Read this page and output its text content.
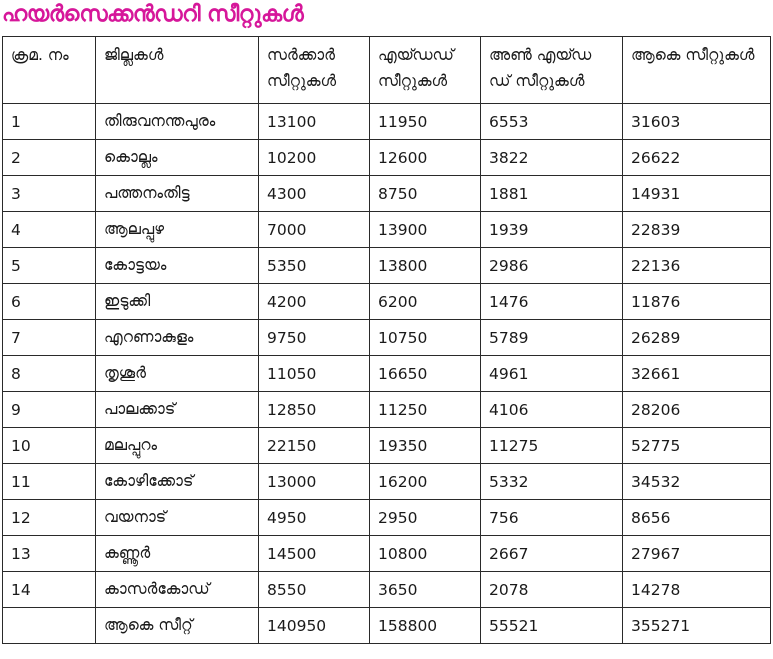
ഹയർസെക്കൻഡറി സീറ്റുകൾ
ക്രമ. നം	ജില്ലകൾ	സർക്കാർ സീറ്റുകൾ	എയ്ഡഡ് സീറ്റുകൾ	അൺ എയ്ഡ ഡ് സീറ്റുകൾ	ആകെ സീറ്റുകൾ
1	തിരുവനന്തപുരം	13100	11950	6553	31603
2	കൊല്ലം	10200	12600	3822	26622
3	പത്തനംതിട്ട	4300	8750	1881	14931
4	ആലപ്പുഴ	7000	13900	1939	22839
5	കോട്ടയം	5350	13800	2986	22136
6	ഇടുക്കി	4200	6200	1476	11876
7	എറണാകുളം	9750	10750	5789	26289
8	തൃശൂർ	11050	16650	4961	32661
9	പാലക്കാട്	12850	11250	4106	28206
10	മലപ്പുറം	22150	19350	11275	52775
11	കോഴിക്കോട്	13000	16200	5332	34532
12	വയനാട്	4950	2950	756	8656
13	കണ്ണൂർ	14500	10800	2667	27967
14	കാസർകോഡ്	8550	3650	2078	14278
	ആകെ സീറ്റ്	140950	158800	55521	355271
